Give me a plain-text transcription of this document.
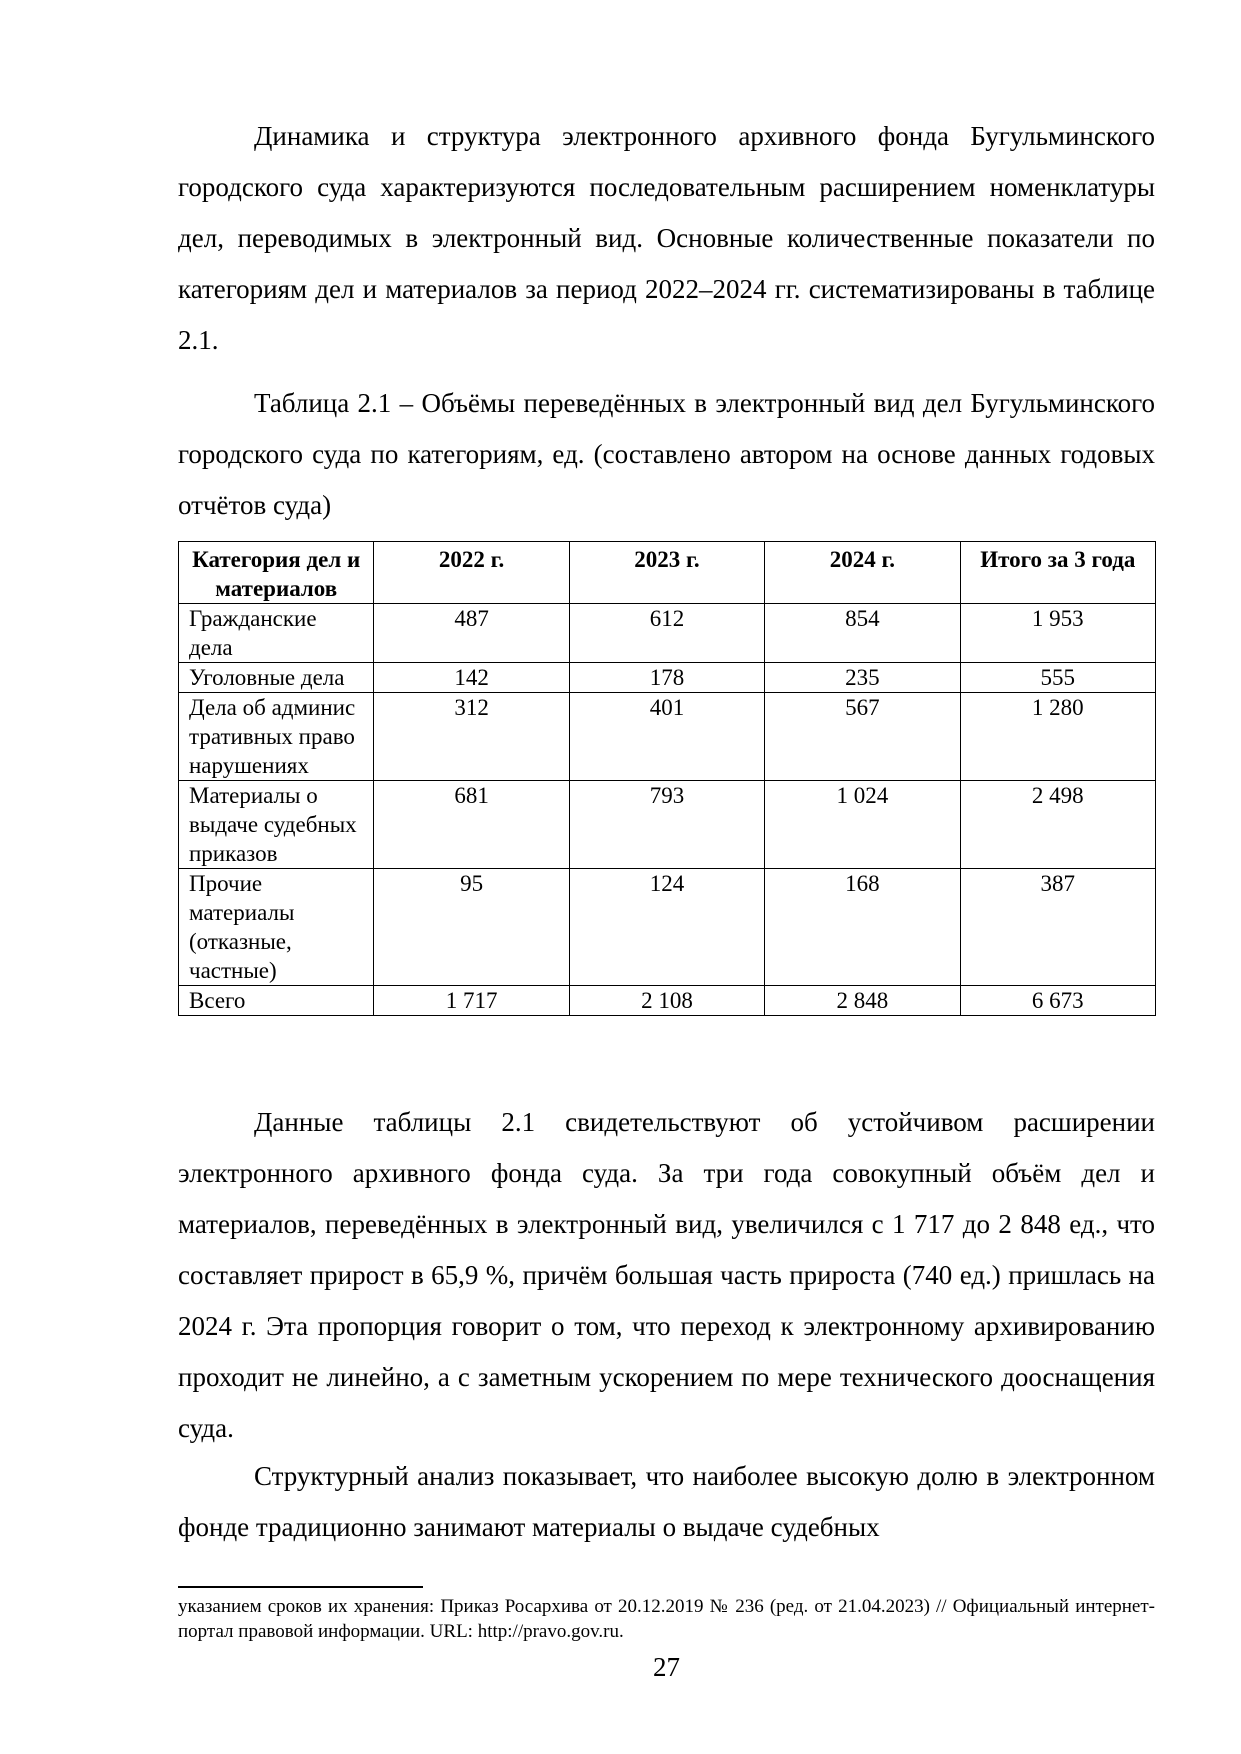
Динамика и структура электронного архивного фонда Бугульминского городского суда характеризуются последовательным расширением номенклатуры дел, переводимых в электронный вид. Основные количественные показатели по категориям дел и материалов за период 2022–2024 гг. систематизированы в таблице 2.1.

Таблица 2.1 – Объёмы переведённых в электронный вид дел Бугульминского городского суда по категориям, ед. (составлено автором на основе данных годовых отчётов суда)

Категория дел и материалов	2022 г.	2023 г.	2024 г.	Итого за 3 года
Гражданские дела	487	612	854	1 953
Уголовные дела	142	178	235	555
Дела об административных правонарушениях	312	401	567	1 280
Материалы о выдаче судебных приказов	681	793	1 024	2 498
Прочие материалы (отказные, частные)	95	124	168	387
Всего	1 717	2 108	2 848	6 673

Данные таблицы 2.1 свидетельствуют об устойчивом расширении электронного архивного фонда суда. За три года совокупный объём дел и материалов, переведённых в электронный вид, увеличился с 1 717 до 2 848 ед., что составляет прирост в 65,9 %, причём большая часть прироста (740 ед.) пришлась на 2024 г. Эта пропорция говорит о том, что переход к электронному архивированию проходит не линейно, а с заметным ускорением по мере технического дооснащения суда.

Структурный анализ показывает, что наиболее высокую долю в электронном фонде традиционно занимают материалы о выдаче судебных

указанием сроков их хранения: Приказ Росархива от 20.12.2019 № 236 (ред. от 21.04.2023) // Официальный интернет-портал правовой информации. URL: http://pravo.gov.ru.

27
